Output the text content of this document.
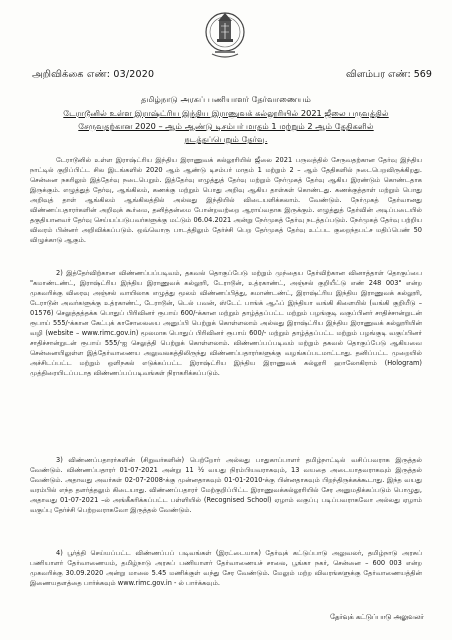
அறிவிக்கை எண்: 03/2020	விளம்பர எண்: 569
தமிழ்நாடு அரசுப் பணியாளர் தேர்வாணையம்
டேராடூனில் உள்ள இராஷ்ட்ரிய இந்திய இராணுவக் கல்லூரியில் 2021 ஜீலை பருவத்தில்
சேருவதற்கான 2020 – ஆம் ஆண்டு டிசம்பர் மாதம் 1 மற்றும் 2 ஆம் தேதிகளில்
நடத்தப்பெறும் தேர்வு.
டேராடூனில் உள்ள இராஷ்ட்ரிய இந்திய இராணுவக் கல்லூரியில் ஜீலை 2021 பருவத்தில் சேருவதற்கான தேர்வு இந்திய நாட்டில் குறிப்பிட்ட சில இடங்களில் 2020 ஆம் ஆண்டு டிசம்பர் மாதம் 1 மற்றும் 2 – ஆம் தேதிகளில் நடைபெறவிருக்கிறது. சென்னை நகரிலும் இத்தேர்வு நடைபெறும். இத்தேர்வு எழுத்துத் தேர்வு மற்றும் நேர்முகத் தேர்வு ஆகிய இரண்டும் கொண்டதாக இருக்கும். எழுத்துத் தேர்வு, ஆங்கிலம், கணக்கு மற்றும் பொது அறிவு ஆகிய தாள்கள் கொண்டது. கணக்குத்தாள் மற்றும் பொது அறிவுத் தாள் ஆங்கிலம் ஆங்கிலத்தில் அல்லது இந்தியில் விடையளிக்கலாம். வேண்டும். நேர்முகத் தேர்வானது விண்ணப்பதாரர்களின் அறிவுக் கூர்மை, தனித்தன்மை போன்றவற்றை ஆராய்வதாக இருக்கும். எழுத்துத் தேர்வின் அடிப்படையில் தகுதியானவர் தேர்வு செய்யப்படுபவர்களுக்கு மட்டும் 06.04.2021 அன்று நேர்முகத் தேர்வு நடத்தப்படும். நேர்முகத் தேர்வு பற்றிய விவரம் பின்னர் அறிவிக்கப்படும். ஒவ்வொரு பாடத்திலும் தேர்ச்சி பெற தேர்முகத் தேர்வு உட்பட குறைந்தபட்ச மதிப்பெண் 50 விழுக்காடு ஆகும்.
2) இத்தேர்விற்கான விண்ணப்பப்படிவம், தகவல் தொகுப்பேடு மற்றும் முந்தைய தேர்விற்கான வினாத்தாள் தொகுப்பை "கமாண்டண்ட், இராஷ்ட்ரிய இந்திய இராணுவக் கல்லூரி, டேராடூன், உத்ரகாண்ட், அஞ்சல் குறியீட்டு எண் 248 003" என்ற முகவரிக்கு விரைவு அஞ்சல் வாயிலாக எழுத்து மூலம் விண்ணப்பித்து, கமாண்டண்ட், இராஷ்ட்ரிய இந்திய இராணுவக் கல்லூரி, டேராடூன் அவர்களுக்கு உத்ரகாண்ட், டேராடூன், டெல் பவன், ஸ்டேட் பாங்க் ஆஃப் இந்தியா வங்கி கிளையில் (வங்கி குறியீடு – 01576) செலுத்தத்தக்க பொதுப் பிரிவினர் ரூபாய் 600/-க்கான மற்றும் தாழ்த்தப்பட்ட மற்றும் பழங்குடி வகுப்பினர் சாதிச்சான்றுடன் ரூபாய் 555/-க்கான கேட்புக் காசோலையை அனுப்பி பெற்றுக் கொள்ளலாம் அல்லது இராஷ்ட்ரிய இந்திய இராணுவக் கல்லூரியின் வழி (website – www.rimc.gov.in) மூலமாக பொதுப் பிரிவினர் ரூபாய் 600/- மற்றும் தாழ்த்தப்பட்ட மற்றும் பழங்குடி வகுப்பினர் சாதிச்சான்றுடன் ரூபாய் 555/-ஐ செலுத்தி பெற்றுக் கொள்ளலாம். விண்ணப்பப்படிவம் மற்றும் தகவல் தொகுப்பேடு ஆகியவை சென்னையிலுள்ள இத்தேர்வாணைய அலுவலகத்திலிருந்து விண்ணப்பதாரர்களுக்கு வழங்கப்படமாட்டாது. தனிப்பட்ட முறையில் அச்சிடப்பட்ட மற்றும் ஒளிநகல் எடுக்கப்பட்ட இராஷ்ட்ரிய இந்திய இராணுவக் கல்லூரி ஹாலோகிராம் (Hologram) முத்திரையிடப்படாத விண்ணப்பப்படிவங்கள் நிராகரிக்கப்படும்.
3) விண்ணப்பதாரர்களின் (சிறுவர்களின்) பெற்றோர் அல்லது பாதுகாப்பாளர் தமிழ்நாட்டில் வசிப்பவராக இருத்தல் வேண்டும். விண்ணப்பதாரர் 01-07-2021 அன்று 11 ½ வயது நிரம்பியவராகவும், 13 வயதை அடையாதவராகவும் இருத்தல் வேண்டும். அதாவது அவர்கள் 02-07-2008-க்கு முன்னதாகவும் 01-01-2010-க்கு பின்னதாகவும் பிறந்திருக்கக்கூடாது. இந்த வயது வரம்பில் எந்த தளர்த்தலும் கிடையாது. விண்ணப்பதாரர் மேற்குறிப்பிட்ட இராணுவக்கல்லூரியில் சேர அனுமதிக்கப்படும் பொழுது, அதாவது 01-07-2021 –ல் அங்கீகரிக்கப்பட்ட பள்ளியில் (Recognised School) ஏழாம் வகுப்பு படிப்பவராகவோ அல்லது ஏழாம் வகுப்பு தேர்ச்சி பெற்றவராகவோ இருத்தல் வேண்டும்.
4) பூர்த்தி செய்யப்பட்ட விண்ணப்பப் படிவங்கள் (இரட்டையாக) தேர்வுக் கட்டுப்பாடு அலுவலர், தமிழ்நாடு அரசுப் பணியாளர் தேர்வாணையம், தமிழ்நாடு அரசுப் பணியாளர் தேர்வாணையச் சாலை, பூங்கா நகர், சென்னை – 600 003 என்ற முகவரிக்கு 30.09.2020 அன்று மாலை 5.45 மணிக்குள் வந்து சேர வேண்டும். மேலும் மற்ற விவரங்களுக்கு தேர்வாணையத்தின் இணையதளத்தை பார்க்கவும் www.rimc.gov.in - ல் பார்க்கவும்.
தேர்வுக் கட்டுப்பாடு அலுவலர்
